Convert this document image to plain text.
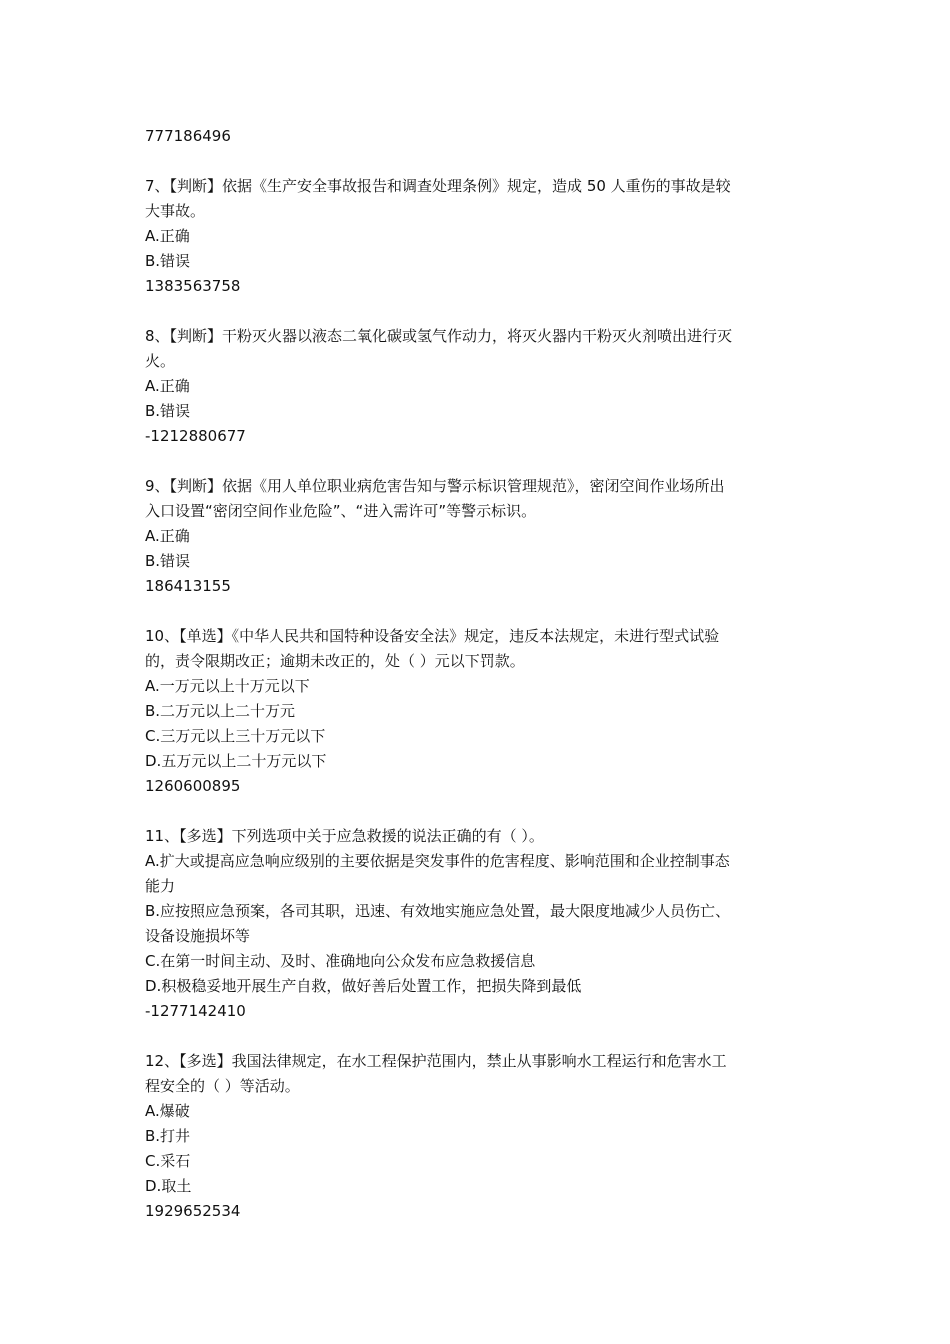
777186496
7、【判断】依据《生产安全事故报告和调查处理条例》规定，造成 50 人重伤的事故是较
大事故。
A.正确
B.错误
1383563758
8、【判断】干粉灭火器以液态二氧化碳或氢气作动力，将灭火器内干粉灭火剂喷出进行灭
火。
A.正确
B.错误
-1212880677
9、【判断】依据《用人单位职业病危害告知与警示标识管理规范》，密闭空间作业场所出
入口设置“密闭空间作业危险”、“进入需许可”等警示标识。
A.正确
B.错误
186413155
10、【单选】《中华人民共和国特种设备安全法》规定，违反本法规定，未进行型式试验
的，责令限期改正；逾期未改正的，处（ ）元以下罚款。
A.一万元以上十万元以下
B.二万元以上二十万元
C.三万元以上三十万元以下
D.五万元以上二十万元以下
1260600895
11、【多选】下列选项中关于应急救援的说法正确的有（ ）。
A.扩大或提高应急响应级别的主要依据是突发事件的危害程度、影响范围和企业控制事态
能力
B.应按照应急预案，各司其职，迅速、有效地实施应急处置，最大限度地减少人员伤亡、
设备设施损坏等
C.在第一时间主动、及时、准确地向公众发布应急救援信息
D.积极稳妥地开展生产自救，做好善后处置工作，把损失降到最低
-1277142410
12、【多选】我国法律规定，在水工程保护范围内，禁止从事影响水工程运行和危害水工
程安全的（ ）等活动。
A.爆破
B.打井
C.采石
D.取土
1929652534
